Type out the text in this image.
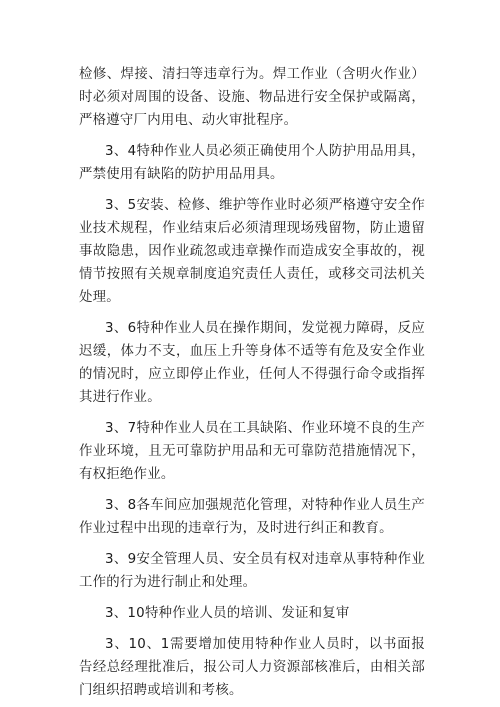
检修、焊接、清扫等违章行为。焊工作业（含明火作业）时必须对周围的设备、设施、物品进行安全保护或隔离，严格遵守厂内用电、动火审批程序。

3、4特种作业人员必须正确使用个人防护用品用具，严禁使用有缺陷的防护用品用具。

3、5安装、检修、维护等作业时必须严格遵守安全作业技术规程，作业结束后必须清理现场残留物，防止遗留事故隐患，因作业疏忽或违章操作而造成安全事故的，视情节按照有关规章制度追究责任人责任，或移交司法机关处理。

3、6特种作业人员在操作期间，发觉视力障碍，反应迟缓，体力不支，血压上升等身体不适等有危及安全作业的情况时，应立即停止作业，任何人不得强行命令或指挥其进行作业。

3、7特种作业人员在工具缺陷、作业环境不良的生产作业环境，且无可靠防护用品和无可靠防范措施情况下，有权拒绝作业。

3、8各车间应加强规范化管理，对特种作业人员生产作业过程中出现的违章行为，及时进行纠正和教育。

3、9安全管理人员、安全员有权对违章从事特种作业工作的行为进行制止和处理。

3、10特种作业人员的培训、发证和复审

3、10、1需要增加使用特种作业人员时，以书面报告经总经理批准后，报公司人力资源部核准后，由相关部门组织招聘或培训和考核。
